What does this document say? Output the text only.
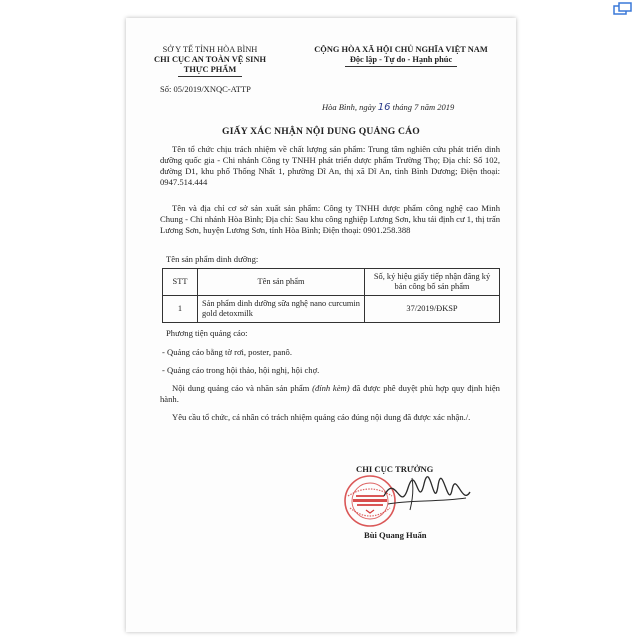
SỞ Y TẾ TỈNH HÒA BÌNH
CHI CỤC AN TOÀN VỆ SINH
THỰC PHẨM
CỘNG HÒA XÃ HỘI CHỦ NGHĨA VIỆT NAM
Độc lập - Tự do - Hạnh phúc
Số: 05/2019/XNQC-ATTP
Hòa Bình, ngày 16 tháng 7 năm 2019
GIẤY XÁC NHẬN NỘI DUNG QUẢNG CÁO
Tên tổ chức chịu trách nhiệm về chất lượng sản phẩm: Trung tâm nghiên cứu phát triển dinh dưỡng quốc gia - Chi nhánh Công ty TNHH phát triển dược phẩm Trường Thọ; Địa chỉ: Số 102, đường D1, khu phố Thống Nhất 1, phường Dĩ An, thị xã Dĩ An, tỉnh Bình Dương; Điện thoại: 0947.514.444
Tên và địa chỉ cơ sở sản xuất sản phẩm: Công ty TNHH dược phẩm công nghệ cao Minh Chung - Chi nhánh Hòa Bình; Địa chỉ: Sau khu công nghiệp Lương Sơn, khu tái định cư 1, thị trấn Lương Sơn, huyện Lương Sơn, tỉnh Hòa Bình; Điện thoại: 0901.258.388
Tên sản phẩm dinh dưỡng:
STT	Tên sản phẩm	Số, ký hiệu giấy tiếp nhận đăng ký bản công bố sản phẩm
1	Sản phẩm dinh dưỡng sữa nghệ nano curcumin gold detoxmilk	37/2019/ĐKSP
Phương tiện quảng cáo:
- Quảng cáo bằng tờ rơi, poster, panô.
- Quảng cáo trong hội thảo, hội nghị, hội chợ.
Nội dung quảng cáo và nhãn sản phẩm (đính kèm) đã được phê duyệt phù hợp quy định hiện hành.
Yêu cầu tổ chức, cá nhân có trách nhiệm quảng cáo đúng nội dung đã được xác nhận./.
CHI CỤC TRƯỞNG
Bùi Quang Huấn
